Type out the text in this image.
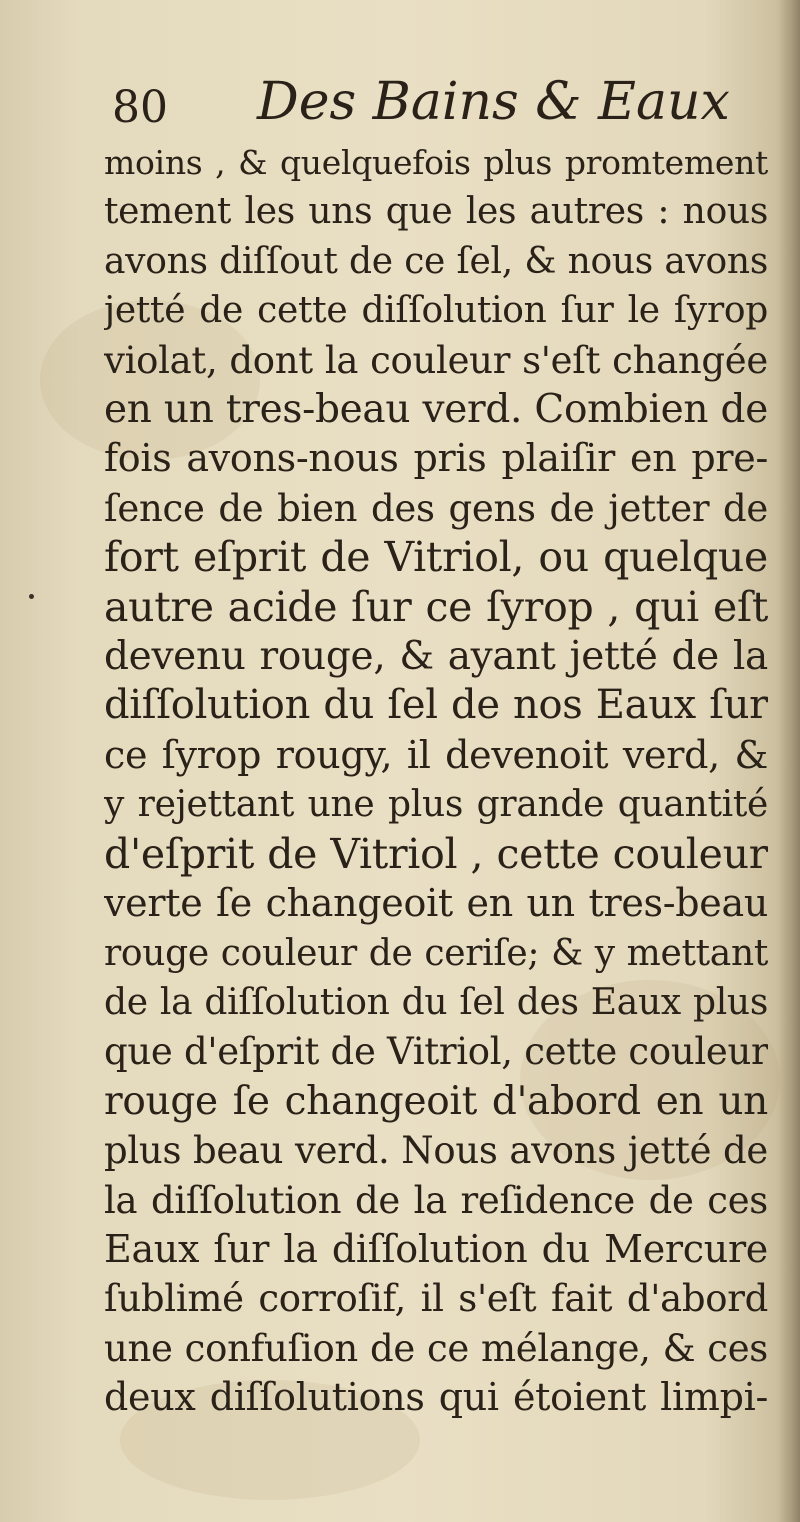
80 Des Bains & Eaux
moins , & quelquefois plus promtement
tement les uns que les autres : nous
avons diſſout de ce ſel, & nous avons
jetté de cette diſſolution ſur le ſyrop
violat, dont la couleur s'eſt changée
en un tres-beau verd. Combien de
fois avons-nous pris plaiſir en pre-
ſence de bien des gens de jetter de
fort eſprit de Vitriol, ou quelque
autre acide ſur ce ſyrop , qui eſt
devenu rouge, & ayant jetté de la
diſſolution du ſel de nos Eaux ſur
ce ſyrop rougy, il devenoit verd, &
y rejettant une plus grande quantité
d'eſprit de Vitriol , cette couleur
verte ſe changeoit en un tres-beau
rouge couleur de ceriſe; & y mettant
de la diſſolution du ſel des Eaux plus
que d'eſprit de Vitriol, cette couleur
rouge ſe changeoit d'abord en un
plus beau verd. Nous avons jetté de
la diſſolution de la reſidence de ces
Eaux ſur la diſſolution du Mercure
ſublimé corroſif, il s'eſt fait d'abord
une confuſion de ce mélange, & ces
deux diſſolutions qui étoient limpi-
